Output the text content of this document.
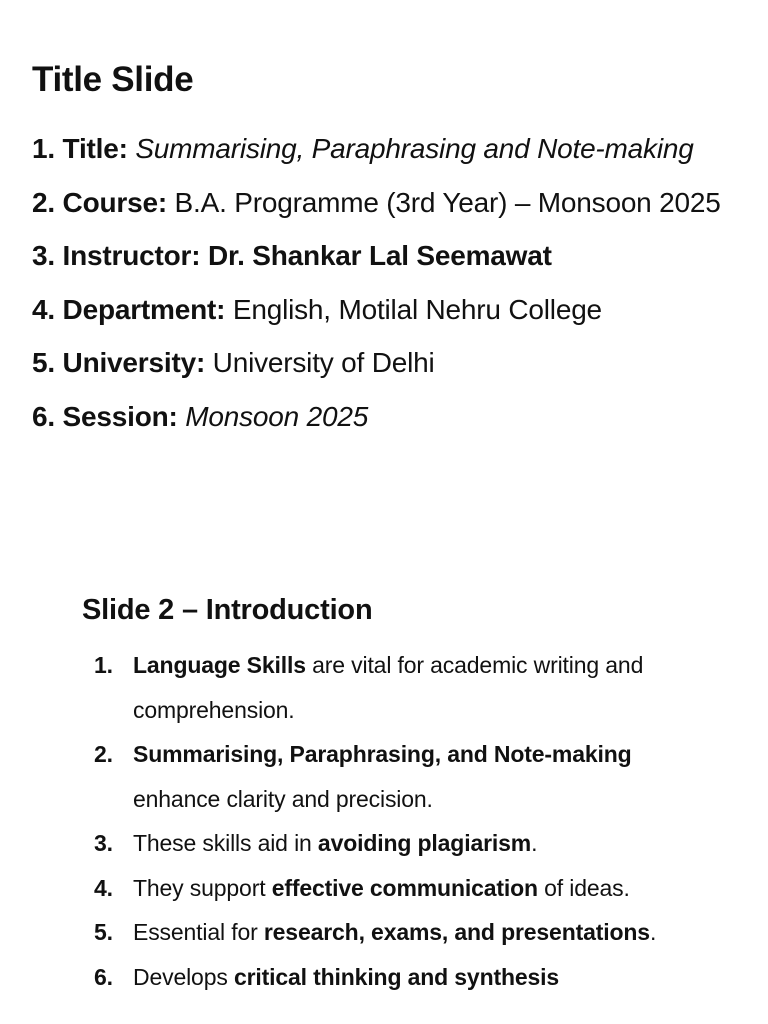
Title Slide
1. Title: Summarising, Paraphrasing and Note-making
2. Course: B.A. Programme (3rd Year) – Monsoon 2025
3. Instructor: Dr. Shankar Lal Seemawat
4. Department: English, Motilal Nehru College
5. University: University of Delhi
6. Session: Monsoon 2025
Slide 2 – Introduction
1. Language Skills are vital for academic writing and comprehension.
2. Summarising, Paraphrasing, and Note-making enhance clarity and precision.
3. These skills aid in avoiding plagiarism.
4. They support effective communication of ideas.
5. Essential for research, exams, and presentations.
6. Develops critical thinking and synthesis
